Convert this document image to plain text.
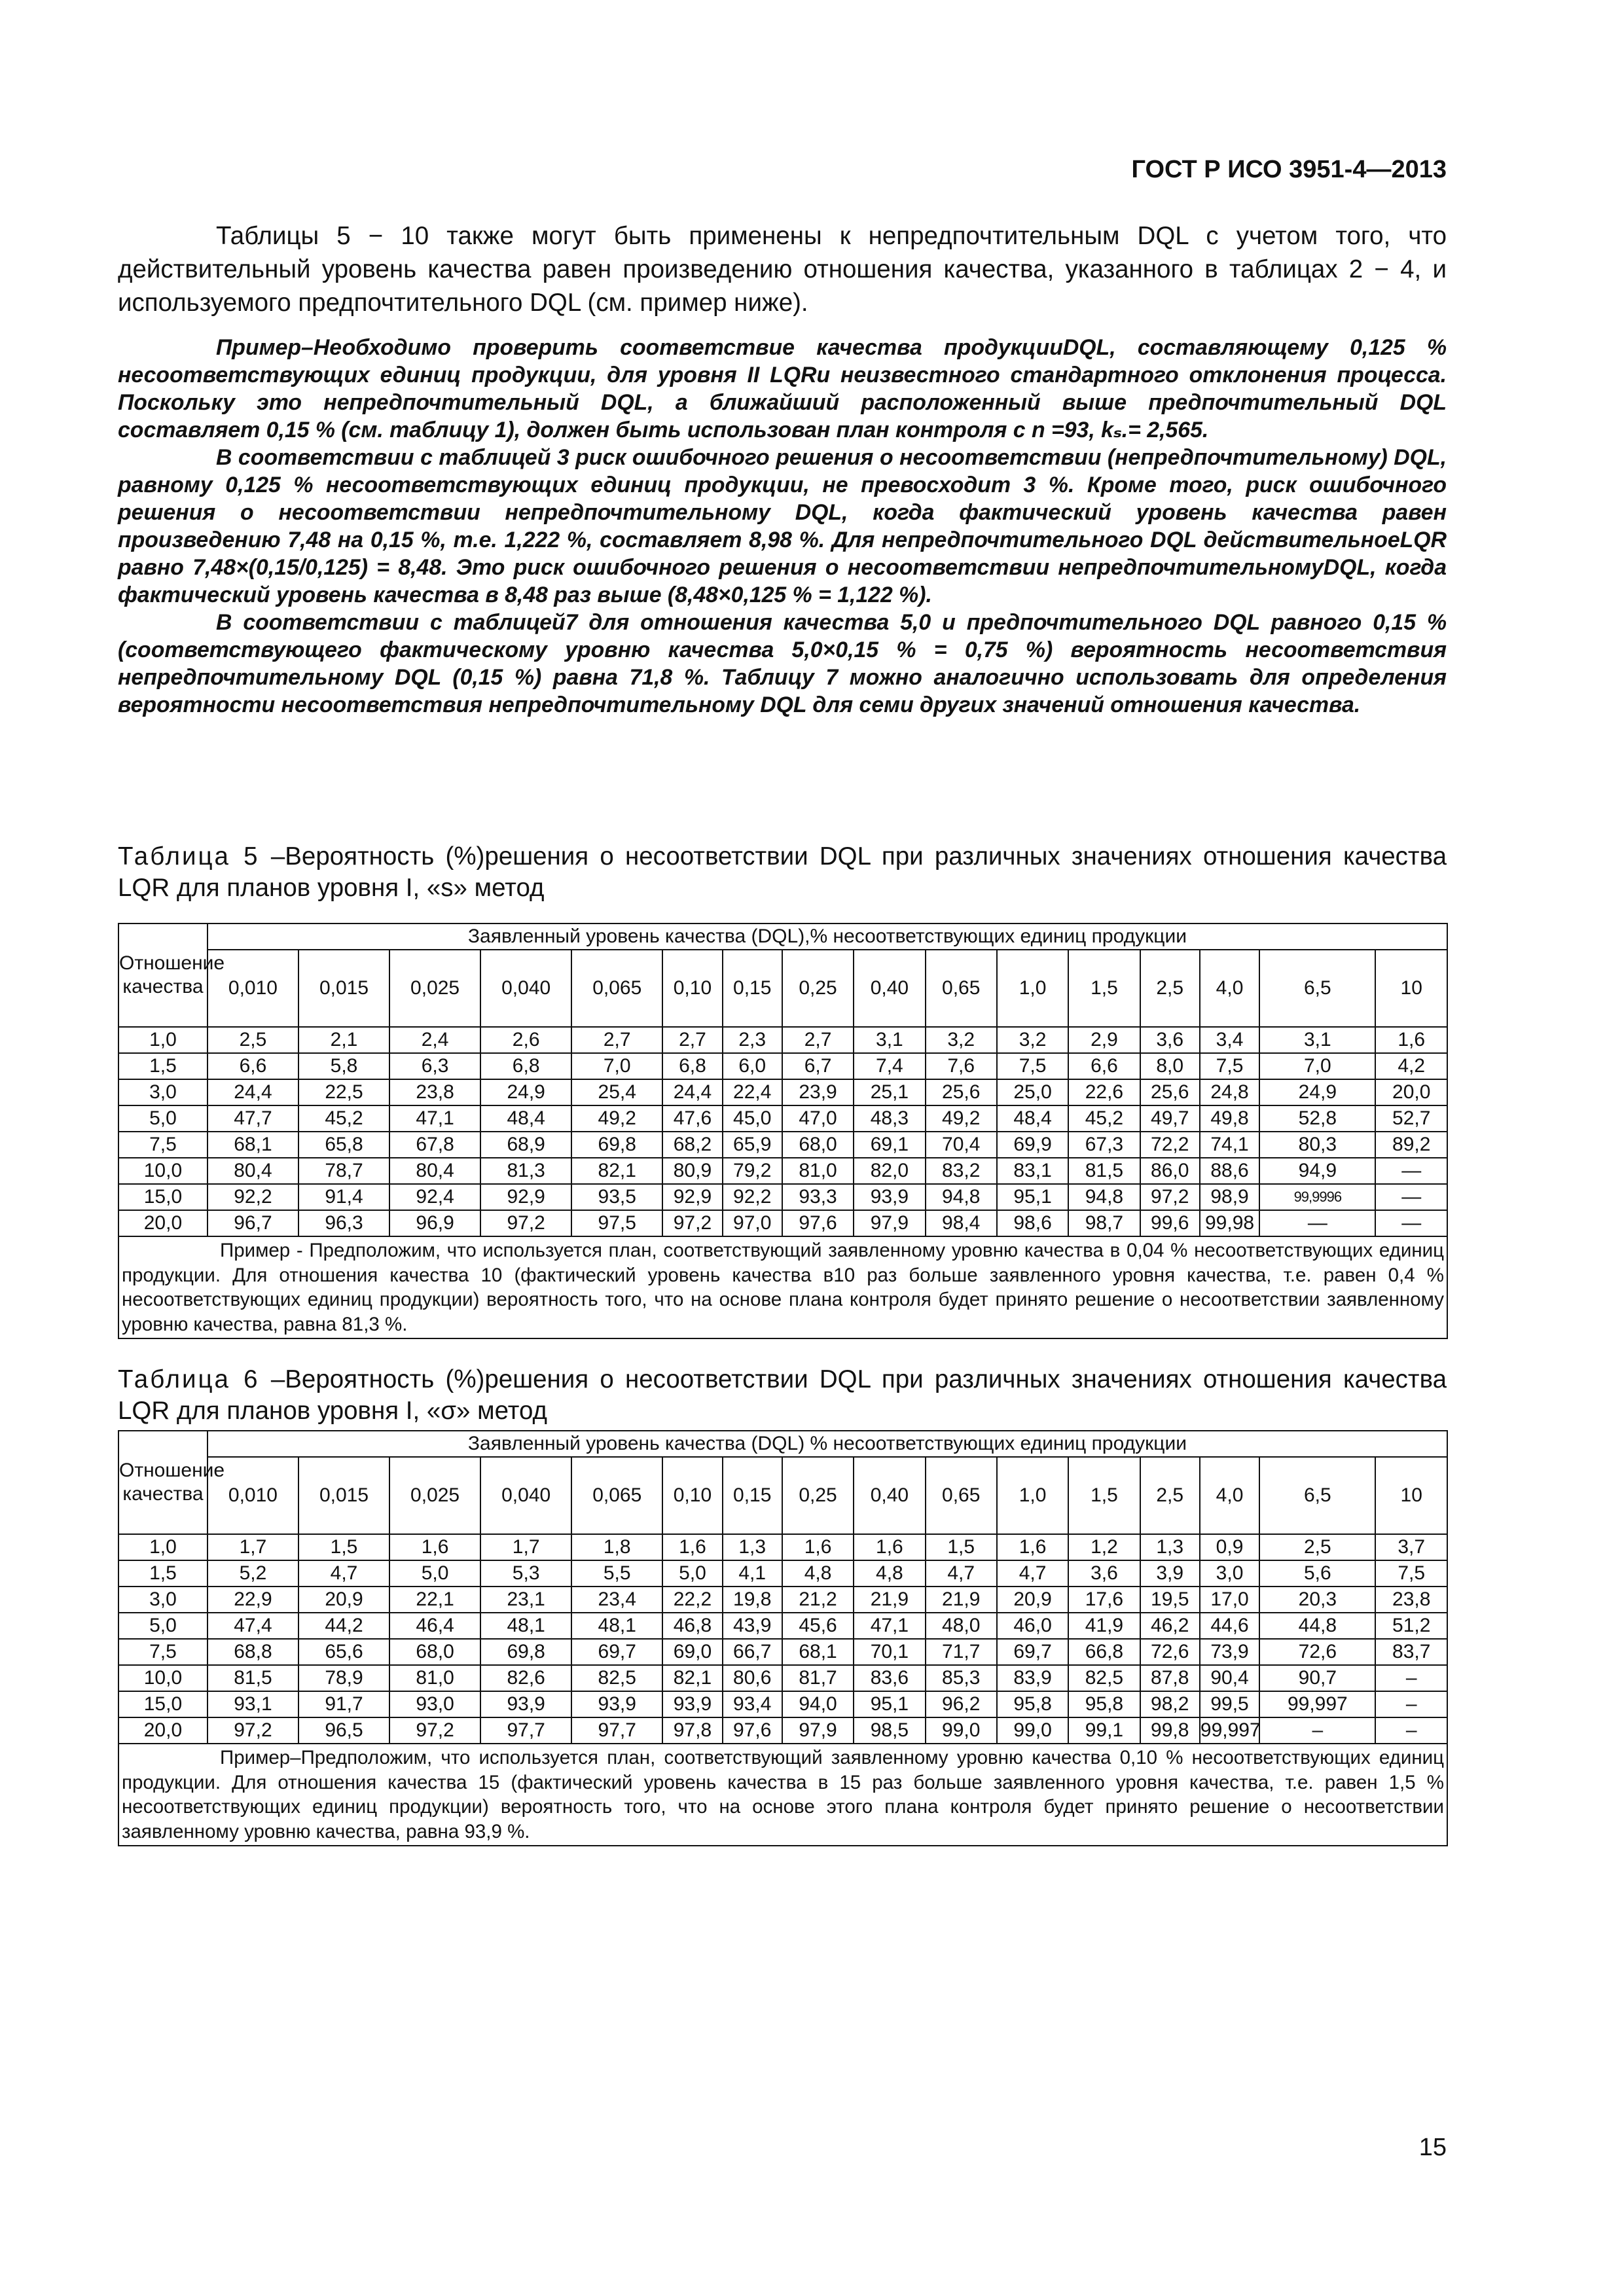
ГОСТ Р ИСО 3951-4—2013

Таблицы 5 − 10 также могут быть применены к непредпочтительным DQL с учетом того, что действительный уровень качества равен произведению отношения качества, указанного в таблицах 2 − 4, и используемого предпочтительного DQL (см. пример ниже).

Пример–Необходимо проверить соответствие качества продукцииDQL, составляющему 0,125 % несоответствующих единиц продукции, для уровня II LQRи неизвестного стандартного отклонения процесса. Поскольку это непредпочтительный DQL, а ближайший расположенный выше предпочтительный DQL составляет 0,15 % (см. таблицу 1), должен быть использован план контроля с n =93, kₛ.= 2,565.

В соответствии с таблицей 3 риск ошибочного решения о несоответствии (непредпочтительному) DQL, равному 0,125 % несоответствующих единиц продукции, не превосходит 3 %. Кроме того, риск ошибочного решения о несоответствии непредпочтительному DQL, когда фактический уровень качества равен произведению 7,48 на 0,15 %, т.е. 1,222 %, составляет 8,98 %. Для непредпочтительного DQL действительноеLQR равно 7,48×(0,15/0,125) = 8,48. Это риск ошибочного решения о несоответствии непредпочтительномуDQL, когда фактический уровень качества в 8,48 раз выше (8,48×0,125 % = 1,122 %).

В соответствии с таблицей7 для отношения качества 5,0 и предпочтительного DQL равного 0,15 % (соответствующего фактическому уровню качества 5,0×0,15 % = 0,75 %) вероятность несоответствия непредпочтительному DQL (0,15 %) равна 71,8 %. Таблицу 7 можно аналогично использовать для определения вероятности несоответствия непредпочтительному DQL для семи других значений отношения качества.

Таблица 5 –Вероятность (%)решения о несоответствии DQL при различных значениях отношения качества LQR для планов уровня I, «s» метод

Отношение качества	Заявленный уровень качества (DQL),% несоответствующих единиц продукции															
	0,010	0,015	0,025	0,040	0,065	0,10	0,15	0,25	0,40	0,65	1,0	1,5	2,5	4,0	6,5	10
1,0	2,5	2,1	2,4	2,6	2,7	2,7	2,3	2,7	3,1	3,2	3,2	2,9	3,6	3,4	3,1	1,6
1,5	6,6	5,8	6,3	6,8	7,0	6,8	6,0	6,7	7,4	7,6	7,5	6,6	8,0	7,5	7,0	4,2
3,0	24,4	22,5	23,8	24,9	25,4	24,4	22,4	23,9	25,1	25,6	25,0	22,6	25,6	24,8	24,9	20,0
5,0	47,7	45,2	47,1	48,4	49,2	47,6	45,0	47,0	48,3	49,2	48,4	45,2	49,7	49,8	52,8	52,7
7,5	68,1	65,8	67,8	68,9	69,8	68,2	65,9	68,0	69,1	70,4	69,9	67,3	72,2	74,1	80,3	89,2
10,0	80,4	78,7	80,4	81,3	82,1	80,9	79,2	81,0	82,0	83,2	83,1	81,5	86,0	88,6	94,9	—
15,0	92,2	91,4	92,4	92,9	93,5	92,9	92,2	93,3	93,9	94,8	95,1	94,8	97,2	98,9	99,9996	—
20,0	96,7	96,3	96,9	97,2	97,5	97,2	97,0	97,6	97,9	98,4	98,6	98,7	99,6	99,98	—	—
Пример - Предположим, что используется план, соответствующий заявленному уровню качества в 0,04 % несоответствующих единиц продукции. Для отношения качества 10 (фактический уровень качества в10 раз больше заявленного уровня качества, т.е. равен 0,4 % несоответствующих единиц продукции) вероятность того, что на основе плана контроля будет принято решение о несоответствии заявленному уровню качества, равна 81,3 %.																

Таблица 6 –Вероятность (%)решения о несоответствии DQL при различных значениях отношения качества LQR для планов уровня I, «σ» метод

Отношение качества	Заявленный уровень качества (DQL) % несоответствующих единиц продукции															
	0,010	0,015	0,025	0,040	0,065	0,10	0,15	0,25	0,40	0,65	1,0	1,5	2,5	4,0	6,5	10
1,0	1,7	1,5	1,6	1,7	1,8	1,6	1,3	1,6	1,6	1,5	1,6	1,2	1,3	0,9	2,5	3,7
1,5	5,2	4,7	5,0	5,3	5,5	5,0	4,1	4,8	4,8	4,7	4,7	3,6	3,9	3,0	5,6	7,5
3,0	22,9	20,9	22,1	23,1	23,4	22,2	19,8	21,2	21,9	21,9	20,9	17,6	19,5	17,0	20,3	23,8
5,0	47,4	44,2	46,4	48,1	48,1	46,8	43,9	45,6	47,1	48,0	46,0	41,9	46,2	44,6	44,8	51,2
7,5	68,8	65,6	68,0	69,8	69,7	69,0	66,7	68,1	70,1	71,7	69,7	66,8	72,6	73,9	72,6	83,7
10,0	81,5	78,9	81,0	82,6	82,5	82,1	80,6	81,7	83,6	85,3	83,9	82,5	87,8	90,4	90,7	–
15,0	93,1	91,7	93,0	93,9	93,9	93,9	93,4	94,0	95,1	96,2	95,8	95,8	98,2	99,5	99,997	–
20,0	97,2	96,5	97,2	97,7	97,7	97,8	97,6	97,9	98,5	99,0	99,0	99,1	99,8	99,997	–	–
Пример–Предположим, что используется план, соответствующий заявленному уровню качества 0,10 % несоответствующих единиц продукции. Для отношения качества 15 (фактический уровень качества в 15 раз больше заявленного уровня качества, т.е. равен 1,5 % несоответствующих единиц продукции) вероятность того, что на основе этого плана контроля будет принято решение о несоответствии заявленному уровню качества, равна 93,9 %.																
15
